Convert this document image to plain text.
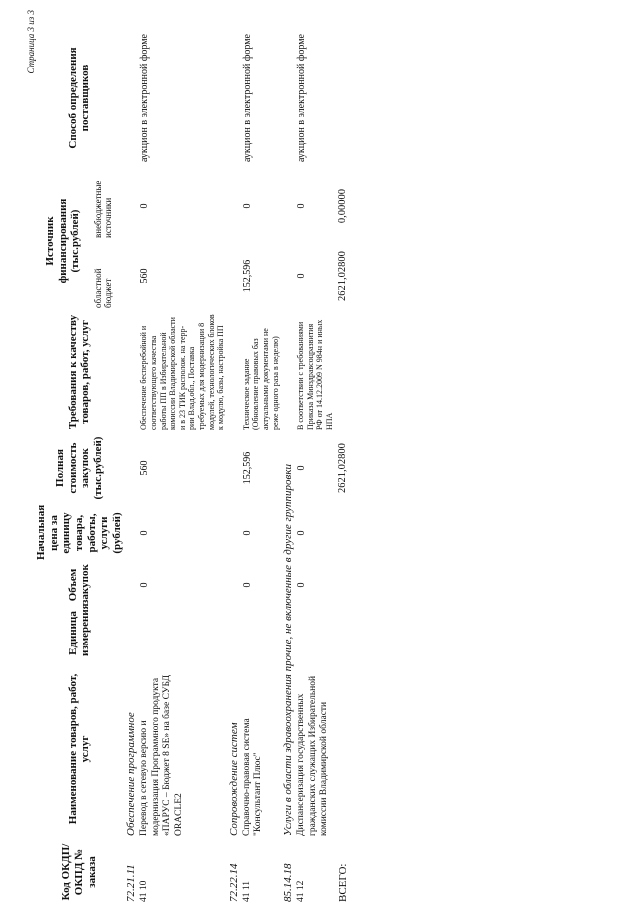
Страница 3 из 3
Код ОКДП/ ОКПД № заказа	Наименование товаров, работ, услуг	Единица измерения	Объем закупок	Начальная цена за единицу товара, работы, услуги (рублей)	Полная стоимость закупок (тыс.рублей)	Требования к качеству товаров, работ, услуг	Источник финансирования (тыс.рублей)		Способ определения поставщиков
							областной бюджет	внебюджетные источники	
72.21.11	Обеспечение программное								
41 10	Перевод в сетевую версию и модернизация Программного продукта «ПАРУС – Бюджет 8 SE» на базе СУБД ORACLE2		0	0	560	Обеспечение бесперебойной и соответствующего качества работы ПП в Избирательной комиссии Владимирской области и в 23 ТИК располож. на терр-рии Влад.обл., Поставка требуемых для модернизации 8 модулей, технологических блоков к модулю, базы, настройка ПП	560	0	аукцион в электронной форме
72.22.14	Сопровождение систем								
41 11	Справочно-правовая система "Консультант Плюс"		0	0	152,596	Техническое задание (Обновление правовых баз актуальными документами не реже одного раза в неделю)	152,596	0	аукцион в электронной форме
85.14.18	Услуги в области здравоохранения прочие, не включенные в другие группировки								
41 12	Диспансеризация государственных гражданских служащих Избирательной комиссии Владимирской области		0	0	0	В соответствии с требованиями Приказа Минздравсоцразвития РФ от 14.12.2009 N 984н и иных НПА	0	0	аукцион в электронной форме
ВСЕГО:					2621,02800		2621,02800	0,00000	
